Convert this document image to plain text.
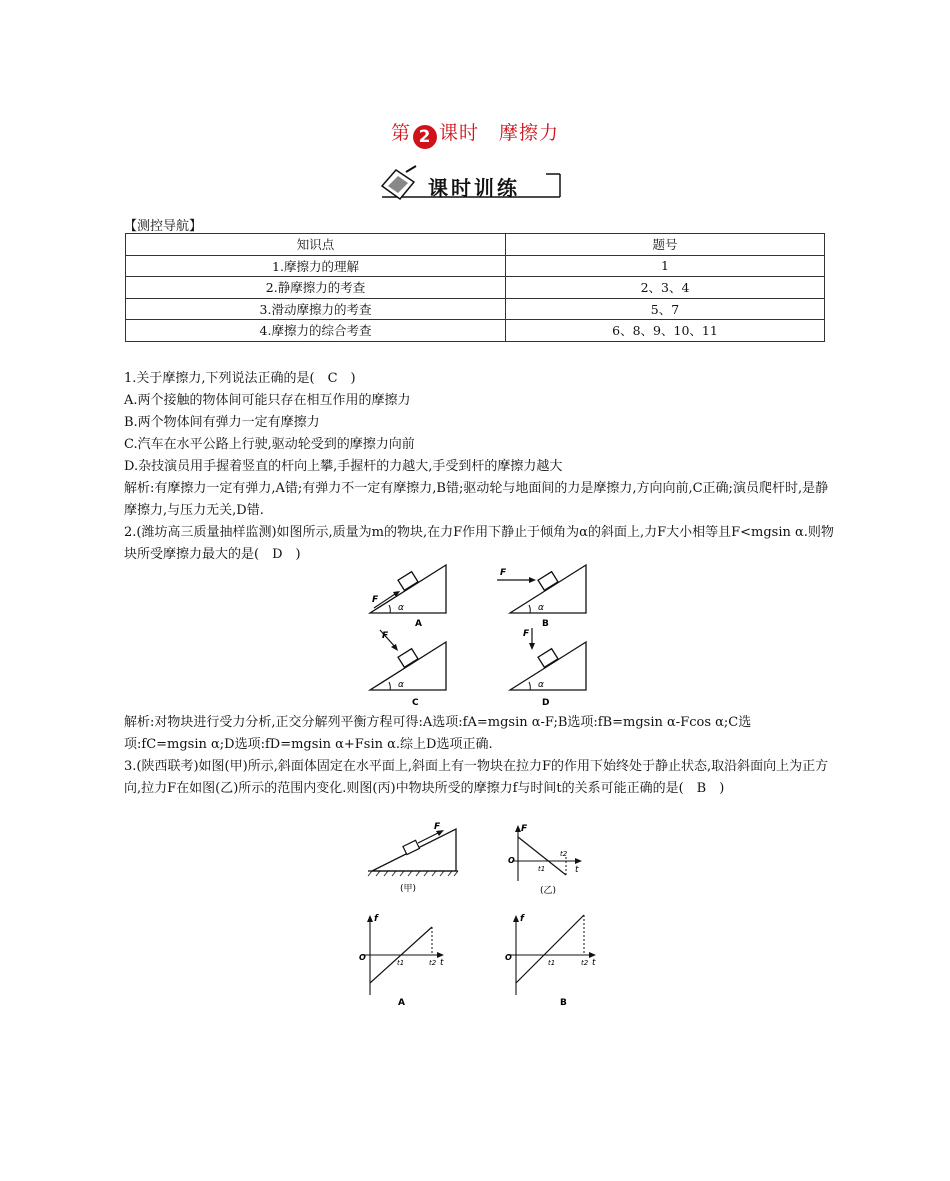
第 2 课时 摩擦力
课时训练
【测控导航】
知识点	题号
1.摩擦力的理解	1
2.静摩擦力的考查	2、3、4
3.滑动摩擦力的考查	5、7
4.摩擦力的综合考查	6、8、9、10、11

1.关于摩擦力,下列说法正确的是(　C　)

A.两个接触的物体间可能只存在相互作用的摩擦力

B.两个物体间有弹力一定有摩擦力

C.汽车在水平公路上行驶,驱动轮受到的摩擦力向前

D.杂技演员用手握着竖直的杆向上攀,手握杆的力越大,手受到杆的摩擦力越大

解析:有摩擦力一定有弹力,A错;有弹力不一定有摩擦力,B错;驱动轮与地面间的力是摩擦力,方向向前,C正确;演员爬杆时,是静摩擦力,与压力无关,D错.

2.(潍坊高三质量抽样监测)如图所示,质量为m的物块,在力F作用下静止于倾角为α的斜面上,力F大小相等且F<mgsin α.则物块所受摩擦力最大的是(　D　)

解析:对物块进行受力分析,正交分解列平衡方程可得:A选项:fA=mgsin α-F;B选项:fB=mgsin α-Fcos α;C选项:fC=mgsin α;D选项:fD=mgsin α+Fsin α.综上D选项正确.

3.(陕西联考)如图(甲)所示,斜面体固定在水平面上,斜面上有一物块在拉力F的作用下始终处于静止状态,取沿斜面向上为正方向,拉力F在如图(乙)所示的范围内变化.则图(丙)中物块所受的摩擦力f与时间t的关系可能正确的是(　B　)

F
α
A
F
α
B
F
α
C
F
α
D
F
(甲)
F
O
t1
t2
t
(乙)
f
O
t1	t2 t
A
f
O
t1	t2 t
B
